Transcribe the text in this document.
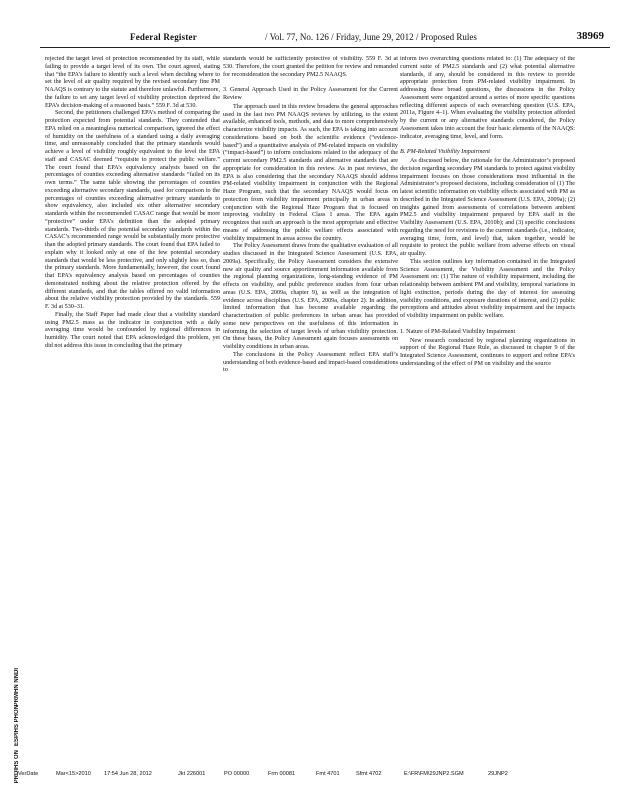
Federal Register	/ Vol. 77, No. 126 / Friday, June 29, 2012 / Proposed Rules	38969

rejected the target level of protection recommended by its staff, while failing to provide a target level of its own. The court agreed, stating that “the EPA’s failure to identify such a level when deciding where to set the level of air quality required by the revised secondary fine PM NAAQS is contrary to the statute and therefore unlawful. Furthermore, the failure to set any target level of visibility protection deprived the EPA’s decision-making of a reasoned basis.” 559 F. 3d at 530.

Second, the petitioners challenged EPA’s method of comparing the protection expected from potential standards. They contended that EPA relied on a meaningless numerical comparison, ignored the effect of humidity on the usefulness of a standard using a daily averaging time, and unreasonably concluded that the primary standards would achieve a level of visibility roughly equivalent to the level the EPA staff and CASAC deemed “requisite to protect the public welfare.” The court found that EPA’s equivalency analysis based on the percentages of counties exceeding alternative standards “failed on its own terms.” The same table showing the percentages of counties exceeding alternative secondary standards, used for comparison to the percentages of counties exceeding alternative primary standards to show equivalency, also included six other alternative secondary standards within the recommended CASAC range that would be more “protective” under EPA’s definition than the adopted primary standards. Two-thirds of the potential secondary standards within the CASAC’s recommended range would be substantially more protective than the adopted primary standards. The court found that EPA failed to explain why it looked only at one of the few potential secondary standards that would be less protective, and only slightly less so, than the primary standards. More fundamentally, however, the court found that EPA’s equivalency analysis based on percentages of counties demonstrated nothing about the relative protection offered by the different standards, and that the tables offered no valid information about the relative visibility protection provided by the standards. 559 F. 3d at 530–31.

Finally, the Staff Paper had made clear that a visibility standard using PM2.5 mass as the indicator in conjunction with a daily averaging time would be confounded by regional differences in humidity. The court noted that EPA acknowledged this problem, yet did not address this issue in concluding that the primary

standards would be sufficiently protective of visibility. 559 F. 3d at 530. Therefore, the court granted the petition for review and remanded for reconsideration the secondary PM2.5 NAAQS.

3. General Approach Used in the Policy Assessment for the Current Review

The approach used in this review broadens the general approaches used in the last two PM NAAQS reviews by utilizing, to the extent available, enhanced tools, methods, and data to more comprehensively characterize visibility impacts. As such, the EPA is taking into account considerations based on both the scientific evidence (“evidence-based”) and a quantitative analysis of PM-related impacts on visibility (“impact-based”) to inform conclusions related to the adequacy of the current secondary PM2.5 standards and alternative standards that are appropriate for consideration in this review. As in past reviews, the EPA is also considering that the secondary NAAQS should address PM-related visibility impairment in conjunction with the Regional Haze Program, such that the secondary NAAQS would focus on protection from visibility impairment principally in urban areas in conjunction with the Regional Haze Program that is focused on improving visibility in Federal Class I areas. The EPA again recognizes that such an approach is the most appropriate and effective means of addressing the public welfare effects associated with visibility impairment in areas across the country.

The Policy Assessment draws from the qualitative evaluation of all studies discussed in the Integrated Science Assessment (U.S. EPA, 2009a). Specifically, the Policy Assessment considers the extensive new air quality and source apportionment information available from the regional planning organizations, long-standing evidence of PM effects on visibility, and public preference studies from four urban areas (U.S. EPA, 2009a, chapter 9), as well as the integration of evidence across disciplines (U.S. EPA, 2009a, chapter 2). In addition, limited information that has become available regarding the characterization of public preferences in urban areas has provided some new perspectives on the usefulness of this information in informing the selection of target levels of urban visibility protection. On these bases, the Policy Assessment again focuses assessments on visibility conditions in urban areas.

The conclusions in the Policy Assessment reflect EPA staff’s understanding of both evidence-based and impact-based considerations to

inform two overarching questions related to: (1) The adequacy of the current suite of PM2.5 standards and (2) what potential alternative standards, if any, should be considered in this review to provide appropriate protection from PM-related visibility impairment. In addressing these broad questions, the discussions in the Policy Assessment were organized around a series of more specific questions reflecting different aspects of each overarching question (U.S. EPA, 2011a, Figure 4–1). When evaluating the visibility protection afforded by the current or any alternative standards considered, the Policy Assessment takes into account the four basic elements of the NAAQS: indicator, averaging time, level, and form.

B. PM-Related Visibility Impairment

As discussed below, the rationale for the Administrator’s proposed decision regarding secondary PM standards to protect against visibility impairment focuses on those considerations most influential in the Administrator’s proposed decisions, including consideration of (1) The latest scientific information on visibility effects associated with PM as described in the Integrated Science Assessment (U.S. EPA, 2009a); (2) insights gained from assessments of correlations between ambient PM2.5 and visibility impairment prepared by EPA staff in the Visibility Assessment (U.S. EPA, 2010b); and (3) specific conclusions regarding the need for revisions to the current standards (i.e., indicator, averaging time, form, and level) that, taken together, would be requisite to protect the public welfare from adverse effects on visual air quality.

This section outlines key information contained in the Integrated Science Assessment, the Visibility Assessment and the Policy Assessment on: (1) The nature of visibility impairment, including the relationship between ambient PM and visibility, temporal variations in light extinction, periods during the day of interest for assessing visibility conditions, and exposure durations of interest, and (2) public perceptions and attitudes about visibility impairment and the impacts of visibility impairment on public welfare.

1. Nature of PM-Related Visibility Impairment

New research conducted by regional planning organizations in support of the Regional Haze Rule, as discussed in chapter 9 of the Integrated Science Assessment, continues to support and refine EPA’s understanding of the effect of PM on visibility and the source

PRMHN NNDI
ESPIHS PHON
PRDIHS ON
VerDate	Mar<15>2010 17:54 Jun 28, 2012	Jkt 226001	PO 00000	Frm 00081	Fmt 4701	Sfmt 4702	E:\FR\FM\29JNP2.SGM	29JNP2
